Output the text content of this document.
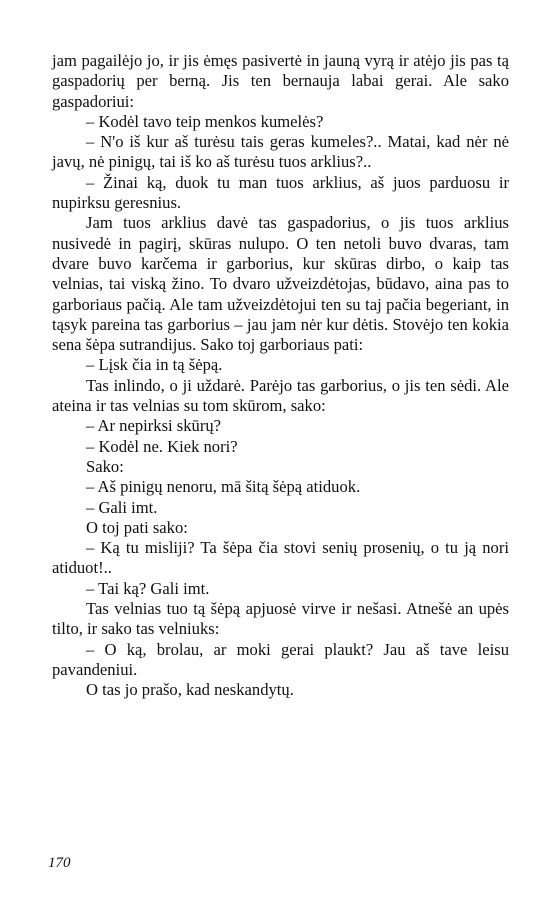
jam pagailėjo jo, ir jis ėmęs pasivertė in jauną vyrą ir atėjo jis pas tą gaspadorių per berną. Jis ten bernauja labai gerai. Ale sako gaspadoriui:

– Kodėl tavo teip menkos kumelės?

– N'o iš kur aš turėsu tais geras kumeles?.. Matai, kad nėr nė javų, nė pinigų, tai iš ko aš turėsu tuos arklius?..

– Žinai ką, duok tu man tuos arklius, aš juos parduosu ir nupirksu geresnius.

Jam tuos arklius davė tas gaspadorius, o jis tuos arklius nusivedė in pagirį, skūras nulupo. O ten netoli buvo dvaras, tam dvare buvo karčema ir garborius, kur skūras dirbo, o kaip tas velnias, tai viską žino. To dvaro užveizdėtojas, būdavo, aina pas to garboriaus pačią. Ale tam užveizdėtojui ten su taj pačia begeriant, in tąsyk pareina tas garborius – jau jam nėr kur dėtis. Stovėjo ten kokia sena šėpa sutrandijus. Sako toj garboriaus pati:

– Lįsk čia in tą šėpą.

Tas inlindo, o ji uždarė. Parėjo tas garborius, o jis ten sėdi. Ale ateina ir tas velnias su tom skūrom, sako:

– Ar nepirksi skūrų?

– Kodėl ne. Kiek nori?

Sako:

– Aš pinigų nenoru, mā šitą šėpą atiduok.

– Gali imt.

O toj pati sako:

– Ką tu misliji? Ta šėpa čia stovi senių prosenių, o tu ją nori atiduot!..

– Tai ką? Gali imt.

Tas velnias tuo tą šėpą apjuosė virve ir nešasi. Atnešė an upės tilto, ir sako tas velniuks:

– O ką, brolau, ar moki gerai plaukt? Jau aš tave leisu pavandeniui.

O tas jo prašo, kad neskandytų.

170
